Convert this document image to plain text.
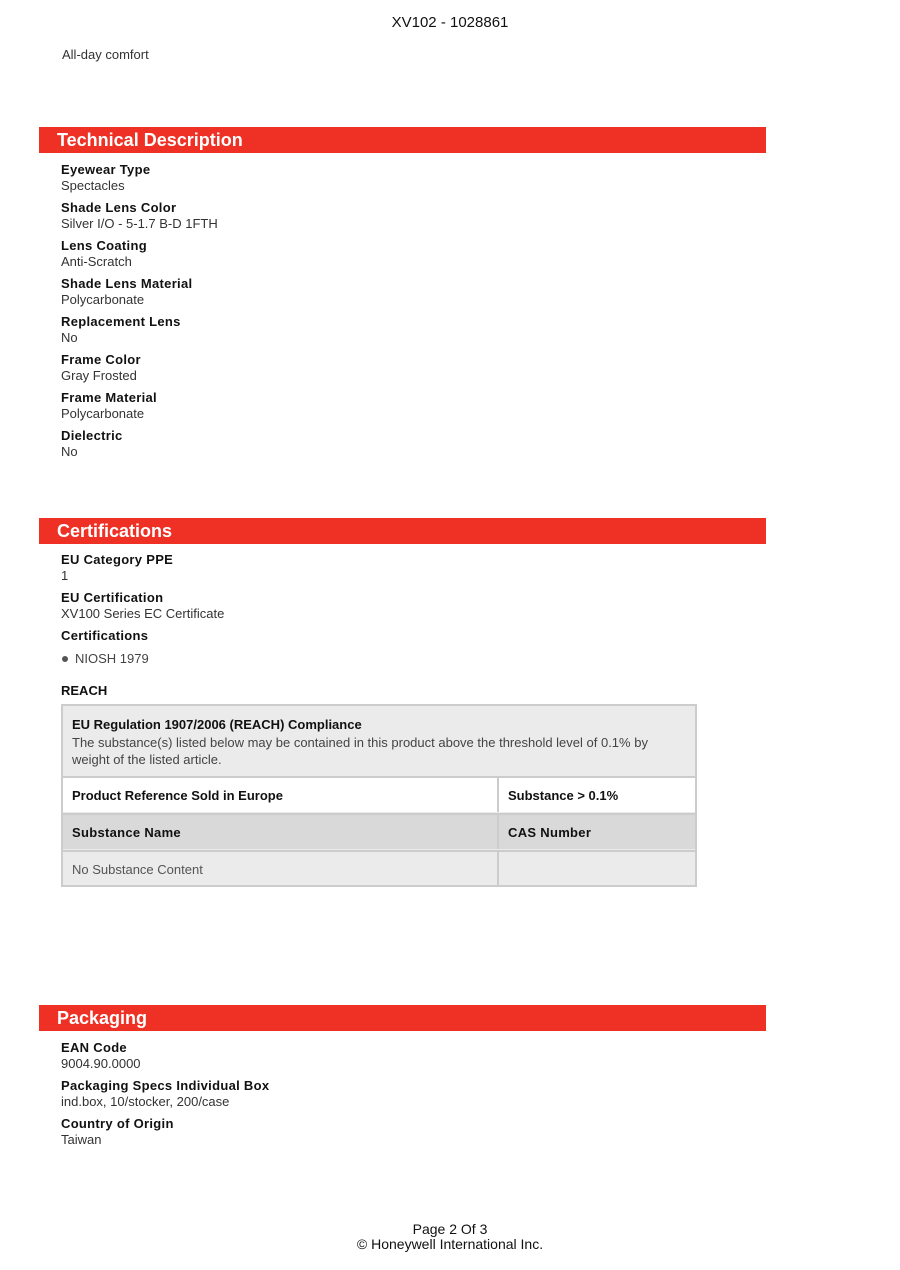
XV102 - 1028861
All-day comfort
Technical Description
Eyewear Type
Spectacles
Shade Lens Color
Silver I/O - 5-1.7 B-D 1FTH
Lens Coating
Anti-Scratch
Shade Lens Material
Polycarbonate
Replacement Lens
No
Frame Color
Gray Frosted
Frame Material
Polycarbonate
Dielectric
No
Certifications
EU Category PPE
1
EU Certification
XV100 Series EC Certificate
Certifications
NIOSH 1979
REACH
EU Regulation 1907/2006 (REACH) Compliance
The substance(s) listed below may be contained in this product above the threshold level of 0.1% by weight of the listed article.
Product Reference Sold in Europe	Substance > 0.1%
Substance Name	CAS Number
No Substance Content
Packaging
EAN Code
9004.90.0000
Packaging Specs Individual Box
ind.box, 10/stocker, 200/case
Country of Origin
Taiwan
Page 2 Of 3
© Honeywell International Inc.
